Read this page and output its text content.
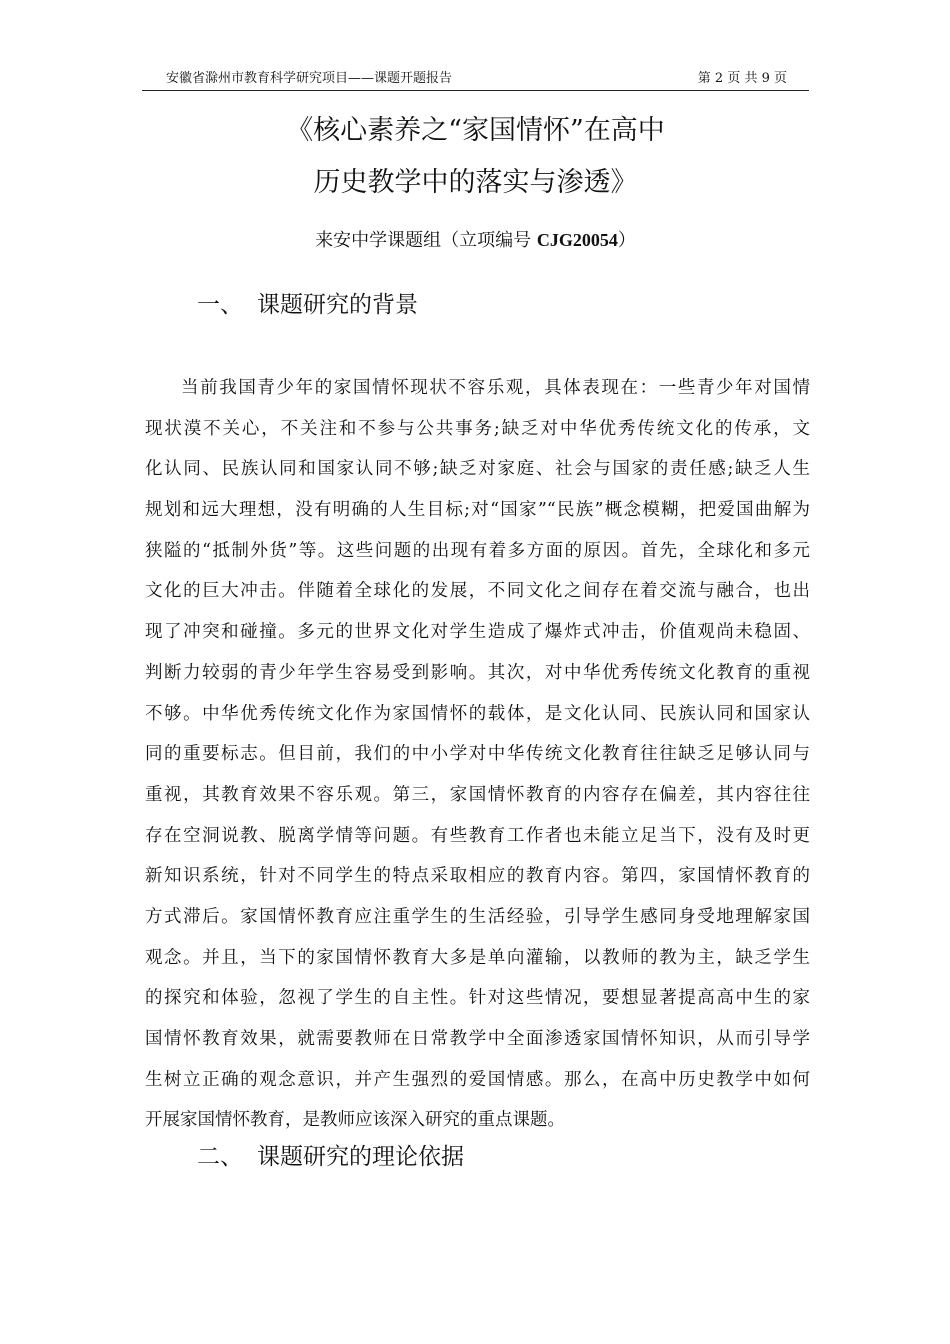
安徽省滁州市教育科学研究项目——课题开题报告	第 2 页 共 9 页
《核心素养之“家国情怀”在高中
历史教学中的落实与渗透》
来安中学课题组（立项编号 CJG20054）
一、 课题研究的背景
当前我国青少年的家国情怀现状不容乐观，具体表现在：一些青少年对国情
现状漠不关心，不关注和不参与公共事务;缺乏对中华优秀传统文化的传承，文
化认同、民族认同和国家认同不够;缺乏对家庭、社会与国家的责任感;缺乏人生
规划和远大理想，没有明确的人生目标;对“国家”“民族”概念模糊，把爱国曲解为
狭隘的“抵制外货”等。这些问题的出现有着多方面的原因。首先，全球化和多元
文化的巨大冲击。伴随着全球化的发展，不同文化之间存在着交流与融合，也出
现了冲突和碰撞。多元的世界文化对学生造成了爆炸式冲击，价值观尚未稳固、
判断力较弱的青少年学生容易受到影响。其次，对中华优秀传统文化教育的重视
不够。中华优秀传统文化作为家国情怀的载体，是文化认同、民族认同和国家认
同的重要标志。但目前，我们的中小学对中华传统文化教育往往缺乏足够认同与
重视，其教育效果不容乐观。第三，家国情怀教育的内容存在偏差，其内容往往
存在空洞说教、脱离学情等问题。有些教育工作者也未能立足当下，没有及时更
新知识系统，针对不同学生的特点采取相应的教育内容。第四，家国情怀教育的
方式滞后。家国情怀教育应注重学生的生活经验，引导学生感同身受地理解家国
观念。并且，当下的家国情怀教育大多是单向灌输，以教师的教为主，缺乏学生
的探究和体验，忽视了学生的自主性。针对这些情况，要想显著提高高中生的家
国情怀教育效果，就需要教师在日常教学中全面渗透家国情怀知识，从而引导学
生树立正确的观念意识，并产生强烈的爱国情感。那么，在高中历史教学中如何
开展家国情怀教育，是教师应该深入研究的重点课题。
二、 课题研究的理论依据
